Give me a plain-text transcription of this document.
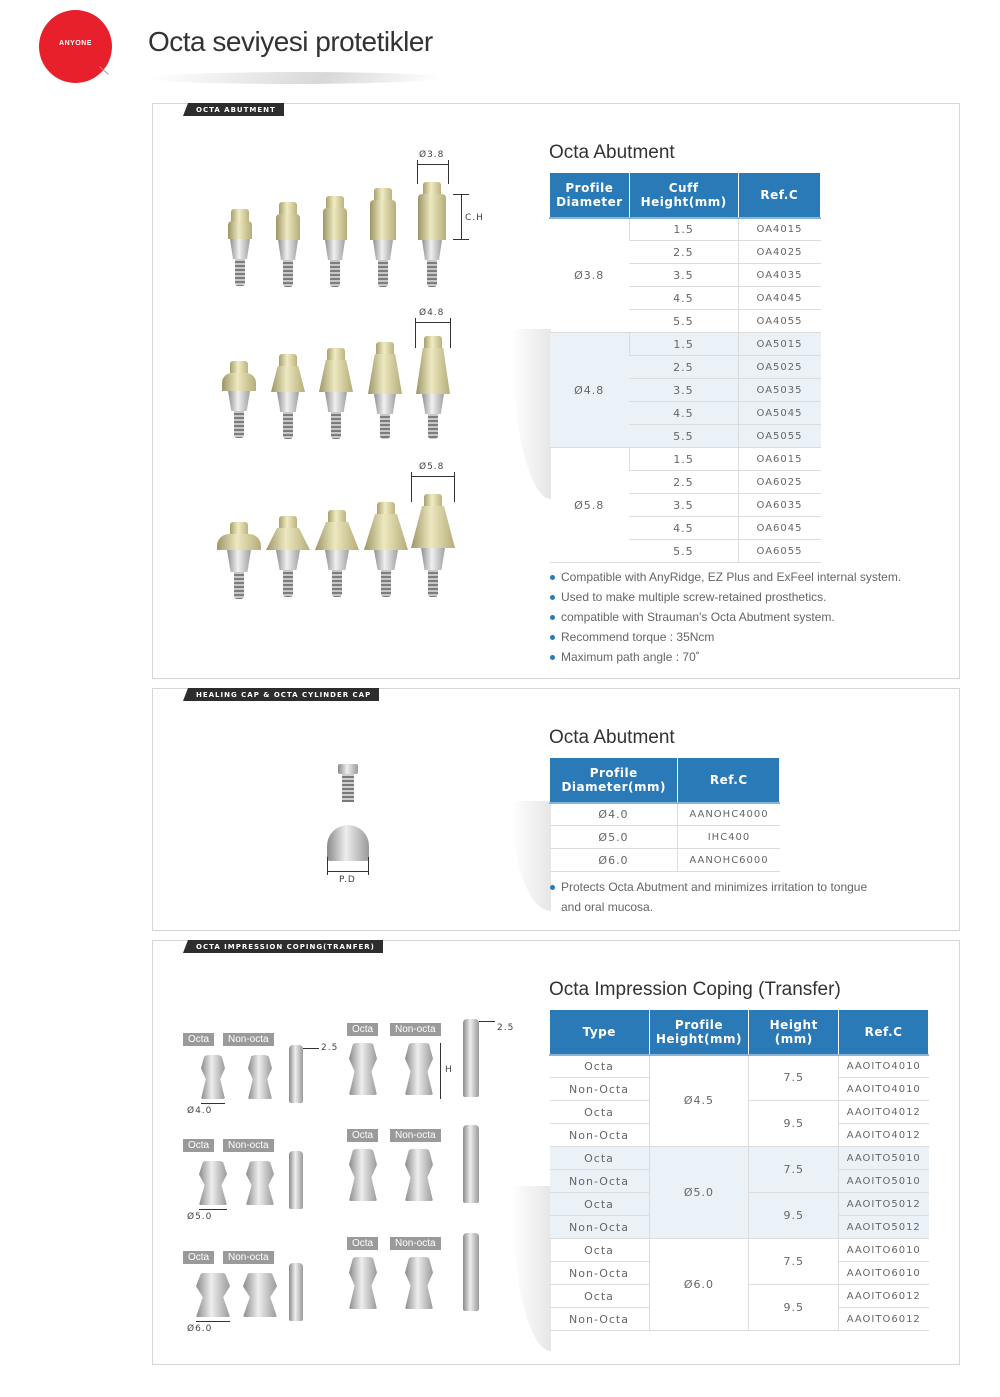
ANYONE	Octa seviyesi protetikler
OCTA ABUTMENT
Ø3.8
C.H
Ø4.8
Ø5.8
Octa Abutment
Profile Diameter	Cuff Height(mm)	Ref.C
Ø3.8	1.5	OA4015
	2.5	OA4025
	3.5	OA4035
	4.5	OA4045
	5.5	OA4055
Ø4.8	1.5	OA5015
	2.5	OA5025
	3.5	OA5035
	4.5	OA5045
	5.5	OA5055
Ø5.8	1.5	OA6015
	2.5	OA6025
	3.5	OA6035
	4.5	OA6045
	5.5	OA6055
Compatible with AnyRidge, EZ Plus and ExFeel internal system.
Used to make multiple screw-retained prosthetics.
compatible with Strauman's Octa Abutment system.
Recommend torque : 35Ncm
Maximum path angle : 70˚
HEALING CAP & OCTA CYLINDER CAP
P.D
Octa Abutment
Profile Diameter(mm)	Ref.C
Ø4.0	AANOHC4000
Ø5.0	IHC400
Ø6.0	AANOHC6000
Protects Octa Abutment and minimizes irritation to tongue and oral mucosa.
OCTA IMPRESSION COPING(TRANFER)
Octa	Non-octa
Ø4.0
Octa	Non-octa
Ø5.0
Octa	Non-octa
Ø6.0
2.5
Octa	Non-octa
Octa	Non-octa
Octa	Non-octa
H
2.5
Octa Impression Coping (Transfer)
Type	Profile Height(mm)	Height (mm)	Ref.C
Octa	Ø4.5	7.5	AAOITO4010
Non-Octa			AAOITO4010
Octa		9.5	AAOITO4012
Non-Octa			AAOITO4012
Octa	Ø5.0	7.5	AAOITO5010
Non-Octa			AAOITO5010
Octa		9.5	AAOITO5012
Non-Octa			AAOITO5012
Octa	Ø6.0	7.5	AAOITO6010
Non-Octa			AAOITO6010
Octa		9.5	AAOITO6012
Non-Octa			AAOITO6012
